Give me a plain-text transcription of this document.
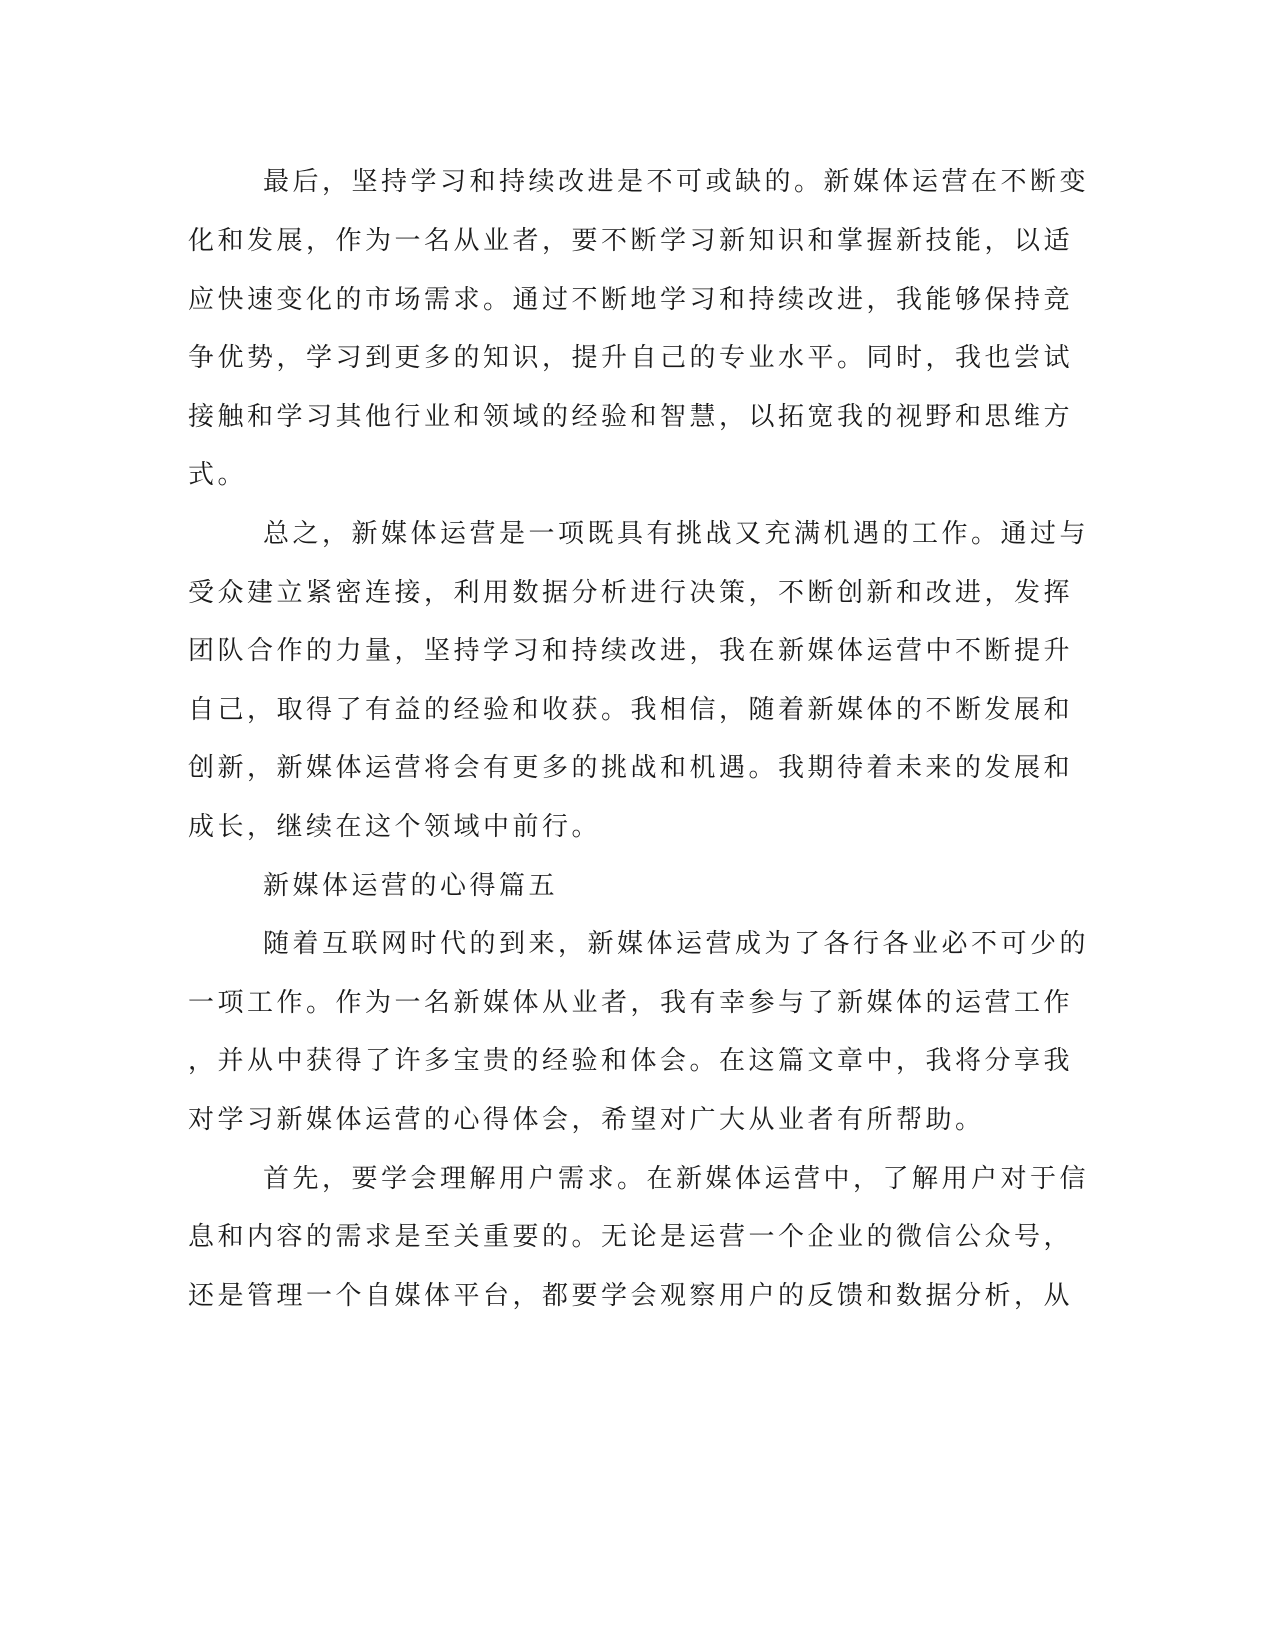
最后，坚持学习和持续改进是不可或缺的。新媒体运营在不断变

化和发展，作为一名从业者，要不断学习新知识和掌握新技能，以适

应快速变化的市场需求。通过不断地学习和持续改进，我能够保持竞

争优势，学习到更多的知识，提升自己的专业水平。同时，我也尝试

接触和学习其他行业和领域的经验和智慧，以拓宽我的视野和思维方

式。

总之，新媒体运营是一项既具有挑战又充满机遇的工作。通过与

受众建立紧密连接，利用数据分析进行决策，不断创新和改进，发挥

团队合作的力量，坚持学习和持续改进，我在新媒体运营中不断提升

自己，取得了有益的经验和收获。我相信，随着新媒体的不断发展和

创新，新媒体运营将会有更多的挑战和机遇。我期待着未来的发展和

成长，继续在这个领域中前行。

新媒体运营的心得篇五

随着互联网时代的到来，新媒体运营成为了各行各业必不可少的

一项工作。作为一名新媒体从业者，我有幸参与了新媒体的运营工作

，并从中获得了许多宝贵的经验和体会。在这篇文章中，我将分享我

对学习新媒体运营的心得体会，希望对广大从业者有所帮助。

首先，要学会理解用户需求。在新媒体运营中，了解用户对于信

息和内容的需求是至关重要的。无论是运营一个企业的微信公众号，

还是管理一个自媒体平台，都要学会观察用户的反馈和数据分析，从
